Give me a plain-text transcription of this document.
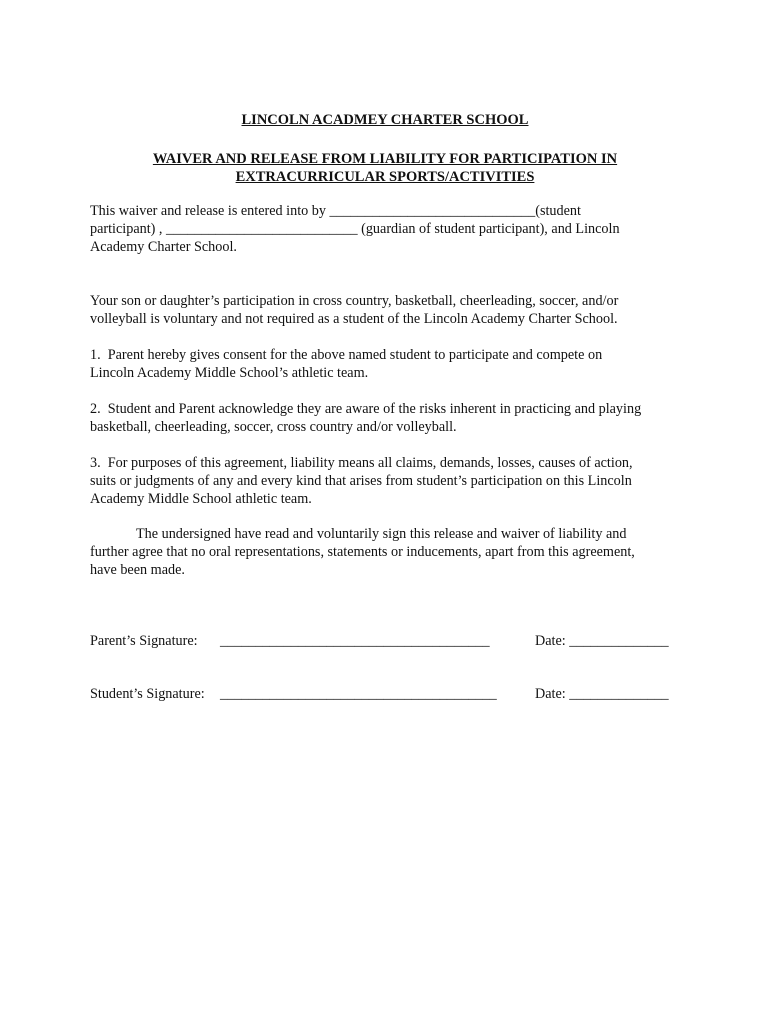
LINCOLN ACADMEY CHARTER SCHOOL
WAIVER AND RELEASE FROM LIABILITY FOR PARTICIPATION IN
EXTRACURRICULAR SPORTS/ACTIVITIES
This waiver and release is entered into by _____________________________(student
participant) , ___________________________ (guardian of student participant), and Lincoln
Academy Charter School.
Your son or daughter’s participation in cross country, basketball, cheerleading, soccer, and/or
volleyball is voluntary and not required as a student of the Lincoln Academy Charter School.
1.  Parent hereby gives consent for the above named student to participate and compete on
Lincoln Academy Middle School’s athletic team.
2.  Student and Parent acknowledge they are aware of the risks inherent in practicing and playing
basketball, cheerleading, soccer, cross country and/or volleyball.
3.  For purposes of this agreement, liability means all claims, demands, losses, causes of action,
suits or judgments of any and every kind that arises from student’s participation on this Lincoln
Academy Middle School athletic team.
The undersigned have read and voluntarily sign this release and waiver of liability and
further agree that no oral representations, statements or inducements, apart from this agreement,
have been made.

Parent’s Signature:

______________________________________

	Date: ______________

Student’s Signature:

_______________________________________

	Date: ______________
